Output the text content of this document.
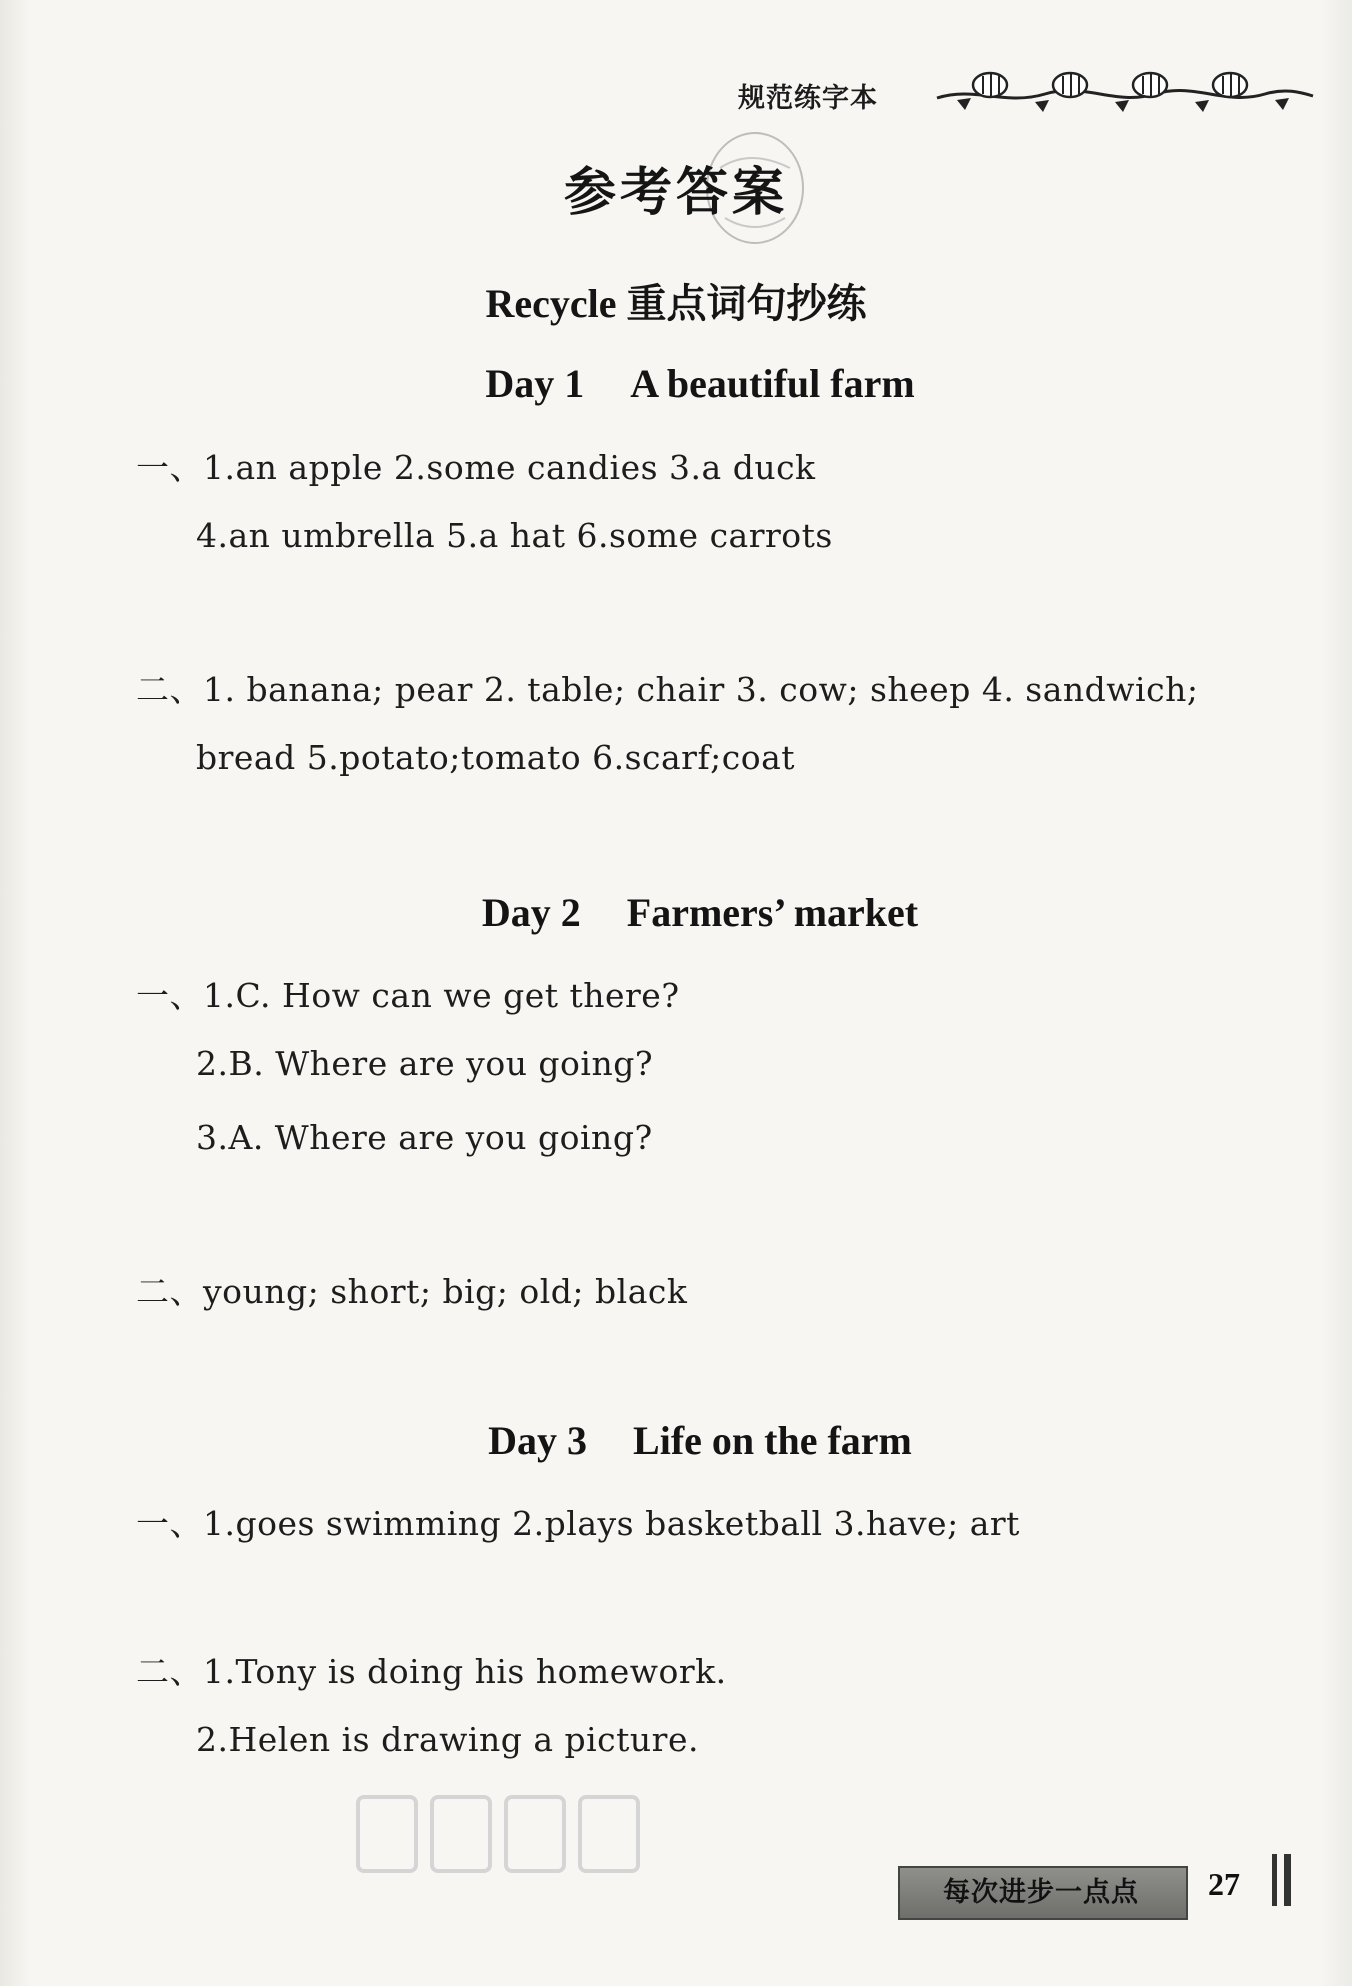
规范练字本
参考答案
Recycle 重点词句抄练
Day 1 A beautiful farm
一、1.an apple 2.some candies 3.a duck
4.an umbrella 5.a hat 6.some carrots
二、1. banana; pear 2. table; chair 3. cow; sheep 4. sandwich;
bread 5.potato;tomato 6.scarf;coat
Day 2 Farmers’ market
一、1.C. How can we get there?
2.B. Where are you going?
3.A. Where are you going?
二、young; short; big; old; black
Day 3 Life on the farm
一、1.goes swimming 2.plays basketball 3.have; art
二、1.Tony is doing his homework.
2.Helen is drawing a picture.
每次进步一点点	27
